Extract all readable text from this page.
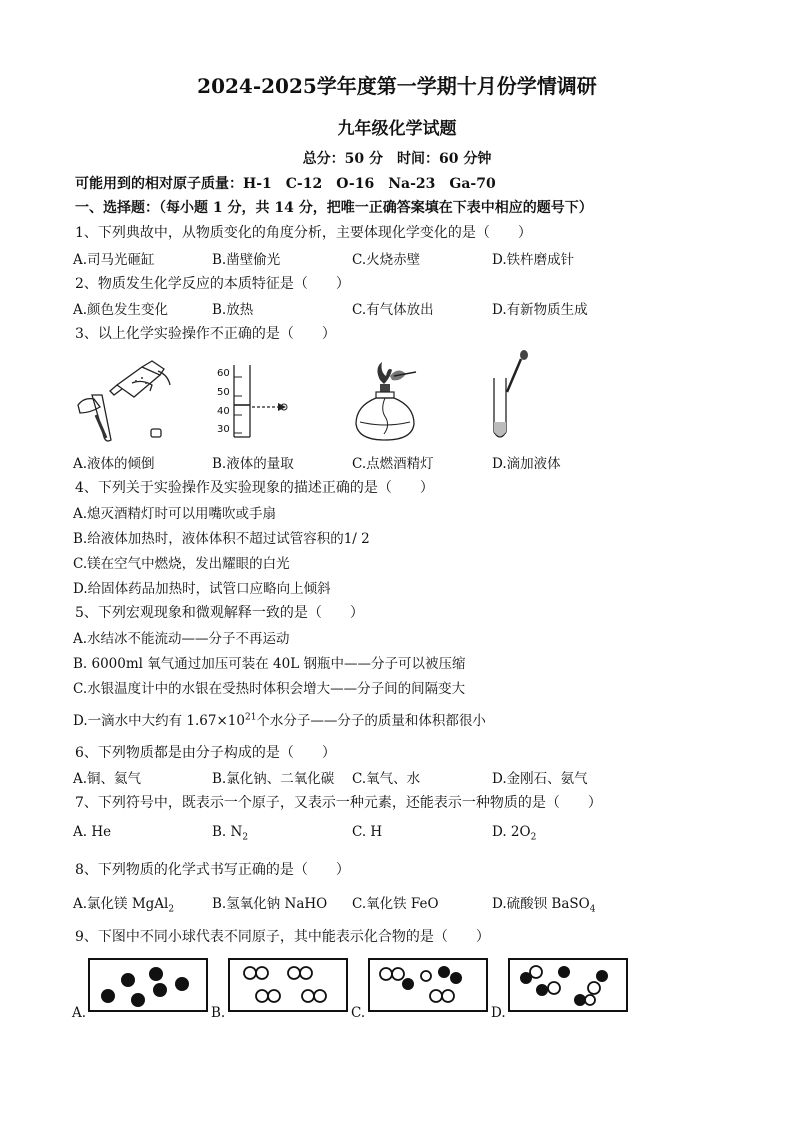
2024-2025学年度第一学期十月份学情调研
九年级化学试题
总分：50 分　时间：60 分钟
可能用到的相对原子质量：H-1　C-12　O-16　Na-23　Ga-70
一、选择题：（每小题 1 分，共 14 分，把唯一正确答案填在下表中相应的题号下）
1、下列典故中，从物质变化的角度分析，主要体现化学变化的是（　　）
A.司马光砸缸	B.凿壁偷光	C.火烧赤壁	D.铁杵磨成针
2、物质发生化学反应的本质特征是（　　）
A.颜色发生变化	B.放热	C.有气体放出	D.有新物质生成
3、以上化学实验操作不正确的是（　　）
60
50
40
30
A.液体的倾倒	B.液体的量取	C.点燃酒精灯	D.滴加液体
4、下列关于实验操作及实验现象的描述正确的是（　　）
A.熄灭酒精灯时可以用嘴吹或手扇
B.给液体加热时，液体体积不超过试管容积的1/ 2
C.镁在空气中燃烧，发出耀眼的白光
D.给固体药品加热时，试管口应略向上倾斜
5、下列宏观现象和微观解释一致的是（　　）
A.水结冰不能流动——分子不再运动
B. 6000ml 氧气通过加压可装在 40L 钢瓶中——分子可以被压缩
C.水银温度计中的水银在受热时体积会增大——分子间的间隔变大
D.一滴水中大约有 $1.67\times 10^{21}$个水分子——分子的质量和体积都很小
6、下列物质都是由分子构成的是（　　）
A.铜、氦气	B.氯化钠、二氧化碳 C.氧气、水	D.金刚石、氨气
7、下列符号中，既表示一个原子，又表示一种元素，还能表示一种物质的是（　　）
A. He	B. $N_2$	C. H	D. $2O_2$
8、下列物质的化学式书写正确的是（　　）
A.氯化镁 MgAl$_2$	B.氢氧化钠 NaHO C.氧化铁 FeO	D.硫酸钡 BaSO$_4$
9、下图中不同小球代表不同原子，其中能表示化合物的是（　　）
A.	B.	C.	D.
